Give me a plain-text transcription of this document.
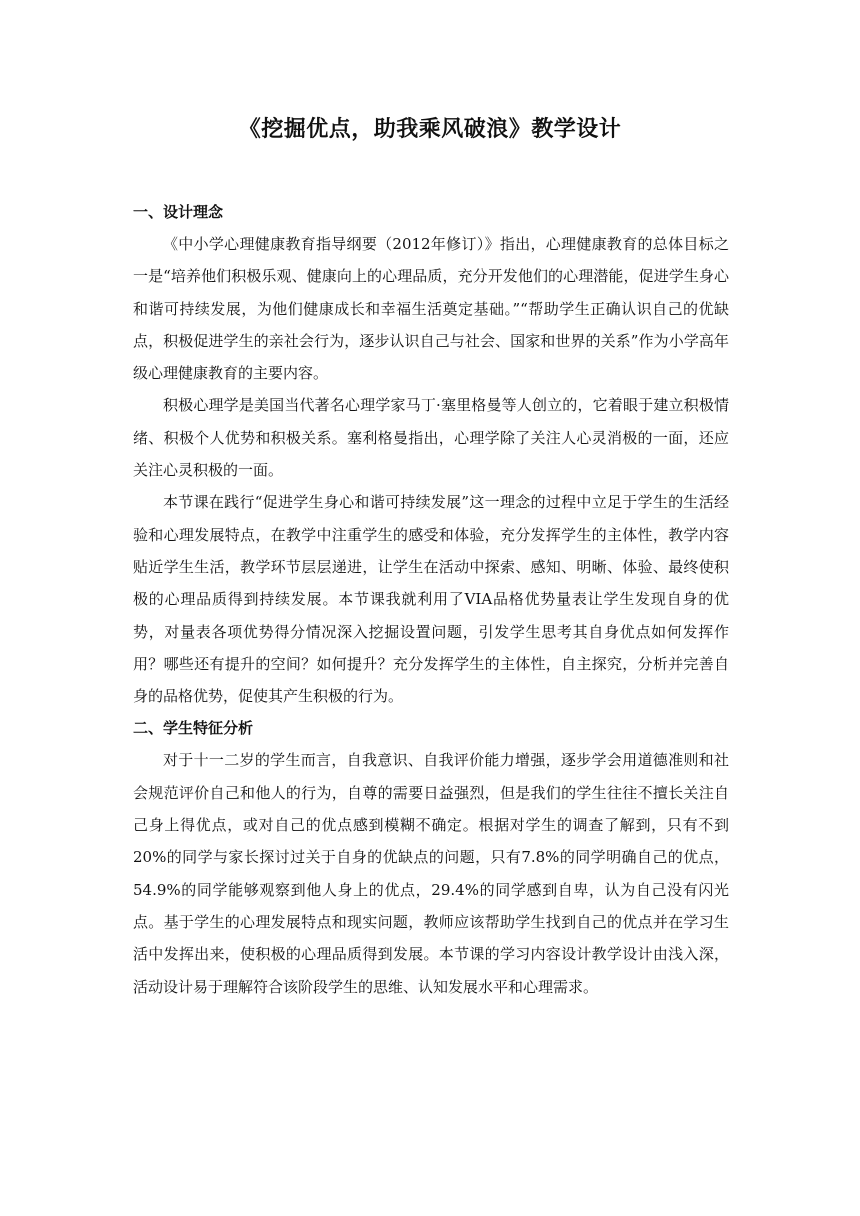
《挖掘优点，助我乘风破浪》教学设计
一、设计理念

《中小学心理健康教育指导纲要（2012年修订）》指出，心理健康教育的总体目标之一是“培养他们积极乐观、健康向上的心理品质，充分开发他们的心理潜能，促进学生身心和谐可持续发展，为他们健康成长和幸福生活奠定基础。”“帮助学生正确认识自己的优缺点，积极促进学生的亲社会行为，逐步认识自己与社会、国家和世界的关系”作为小学高年级心理健康教育的主要内容。

积极心理学是美国当代著名心理学家马丁·塞里格曼等人创立的，它着眼于建立积极情绪、积极个人优势和积极关系。塞利格曼指出，心理学除了关注人心灵消极的一面，还应关注心灵积极的一面。

本节课在践行“促进学生身心和谐可持续发展”这一理念的过程中立足于学生的生活经验和心理发展特点，在教学中注重学生的感受和体验，充分发挥学生的主体性，教学内容贴近学生生活，教学环节层层递进，让学生在活动中探索、感知、明晰、体验、最终使积极的心理品质得到持续发展。本节课我就利用了VIA品格优势量表让学生发现自身的优势，对量表各项优势得分情况深入挖掘设置问题，引发学生思考其自身优点如何发挥作用？哪些还有提升的空间？如何提升？充分发挥学生的主体性，自主探究，分析并完善自身的品格优势，促使其产生积极的行为。

二、学生特征分析

对于十一二岁的学生而言，自我意识、自我评价能力增强，逐步学会用道德准则和社会规范评价自己和他人的行为，自尊的需要日益强烈，但是我们的学生往往不擅长关注自己身上得优点，或对自己的优点感到模糊不确定。根据对学生的调查了解到，只有不到20%的同学与家长探讨过关于自身的优缺点的问题，只有7.8%的同学明确自己的优点，54.9%的同学能够观察到他人身上的优点，29.4%的同学感到自卑，认为自己没有闪光点。基于学生的心理发展特点和现实问题，教师应该帮助学生找到自己的优点并在学习生活中发挥出来，使积极的心理品质得到发展。本节课的学习内容设计教学设计由浅入深，活动设计易于理解符合该阶段学生的思维、认知发展水平和心理需求。
